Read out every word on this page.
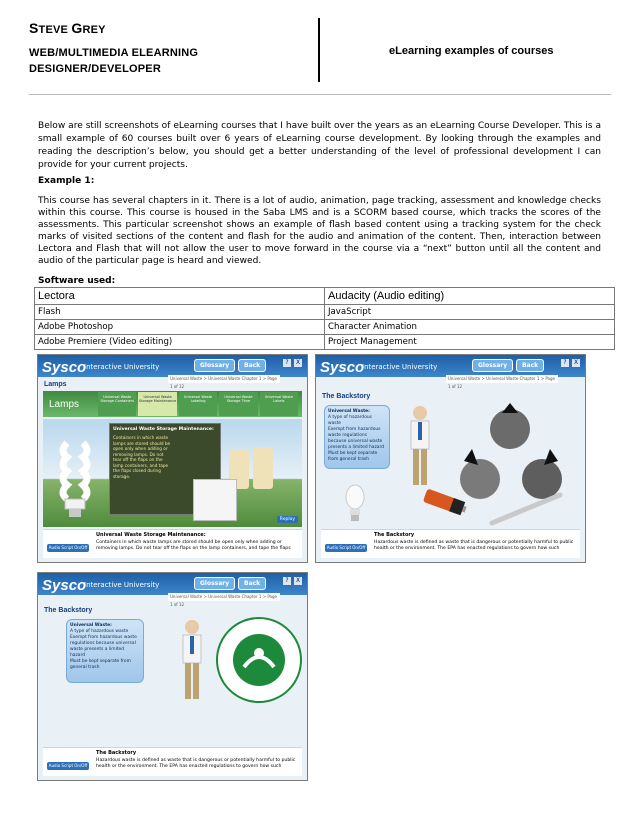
STEVE GREY
WEB/MULTIMEDIA ELEARNING
DESIGNER/DEVELOPER
eLearning examples of courses

Below are still screenshots of eLearning courses that I have built over the years as an eLearning Course Developer. This is a small example of 60 courses built over 6 years of eLearning course development. By looking through the examples and reading the description’s below, you should get a better understanding of the level of professional development I can provide for your current projects.

Example 1:
This course has several chapters in it. There is a lot of audio, animation, page tracking, assessment and knowledge checks within this course. This course is housed in the Saba LMS and is a SCORM based course, which tracks the scores of the assessments. This particular screenshot shows an example of flash based content using a tracking system for the check marks of visited sections of the content and flash for the audio and animation of the content. Then, interaction between Lectora and Flash that will not allow the user to move forward in the course via a “next” button until all the content and audio of the particular page is heard and viewed.
Software used:
Lectora	Audacity (Audio editing)
Flash	JavaScript
Adobe Photoshop	Character Animation
Adobe Premiere (Video editing)	Project Management
Sysco
Interactive University	Glossary	Back	?	X
Universal Waste > Universal Waste Chapter 1 > Page 1 of 12
Lamps
Lamps
Universal Waste Storage Containers
Universal Waste Storage Maintenance
Universal Waste Labeling
Universal Waste Storage Time
Universal Waste Labels
Universal Waste Storage Maintenance:
Containers in which waste lamps are stored should be open only when adding or removing lamps. Do not tear off the flaps on the lamp containers, and tape the flaps closed during storage.
Replay
Audio Script On/Off
Universal Waste Storage Maintenance:
Containers in which waste lamps are stored should be open only when adding or removing lamps. Do not tear off the flaps on the lamp containers, and tape the flaps
Sysco
Interactive University	Glossary	Back	?	X
Universal Waste > Universal Waste Chapter 1 > Page 1 of 12
The Backstory
Universal Waste:
A type of hazardous waste
Exempt from hazardous waste regulations because universal waste presents a limited hazard
Must be kept separate from general trash
Audio Script On/Off
The Backstory
Hazardous waste is defined as waste that is dangerous or potentially harmful to public health or the environment. The EPA has enacted regulations to govern how such
Sysco
Interactive University	Glossary	Back	?	X
Universal Waste > Universal Waste Chapter 1 > Page 1 of 12
The Backstory
Universal Waste:
A type of hazardous waste
Exempt from hazardous waste regulations because universal waste presents a limited hazard
Must be kept separate from general trash
Audio Script On/Off
The Backstory
Hazardous waste is defined as waste that is dangerous or potentially harmful to public health or the environment. The EPA has enacted regulations to govern how such
